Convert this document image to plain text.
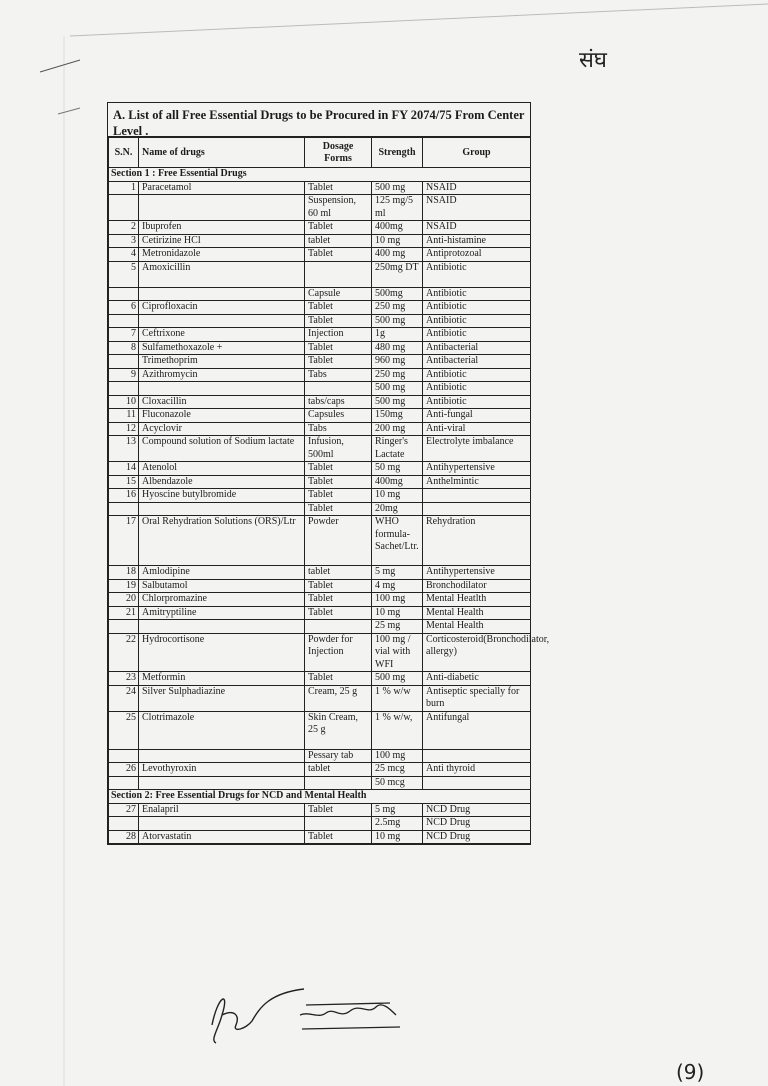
संघ
A. List of all Free Essential Drugs to be Procured in FY 2074/75 From Center Level .
S.N.	Name of drugs	Dosage Forms	Strength	Group
Section 1 : Free Essential Drugs				
1	Paracetamol	Tablet	500 mg	NSAID
		Suspension, 60 ml	125 mg/5 ml	NSAID
2	Ibuprofen	Tablet	400mg	NSAID
3	Cetirizine HCl	tablet	10 mg	Anti-histamine
4	Metronidazole	Tablet	400 mg	Antiprotozoal
5	Amoxicillin		250mg DT	Antibiotic
		Capsule	500mg	Antibiotic
6	Ciprofloxacin	Tablet	250 mg	Antibiotic
		Tablet	500 mg	Antibiotic
7	Ceftrixone	Injection	1g	Antibiotic
8	Sulfamethoxazole +	Tablet	480 mg	Antibacterial
	Trimethoprim	Tablet	960 mg	Antibacterial
9	Azithromycin	Tabs	250 mg	Antibiotic
			500 mg	Antibiotic
10	Cloxacillin	tabs/caps	500 mg	Antibiotic
11	Fluconazole	Capsules	150mg	Anti-fungal
12	Acyclovir	Tabs	200 mg	Anti-viral
13	Compound solution of Sodium lactate	Infusion, 500ml	Ringer's Lactate	Electrolyte imbalance
14	Atenolol	Tablet	50 mg	Antihypertensive
15	Albendazole	Tablet	400mg	Anthelmintic
16	Hyoscine butylbromide	Tablet	10 mg	
		Tablet	20mg	
17	Oral Rehydration Solutions (ORS)/Ltr	Powder	WHO formula-Sachet/Ltr.	Rehydration
18	Amlodipine	tablet	5 mg	Antihypertensive
19	Salbutamol	Tablet	4 mg	Bronchodilator
20	Chlorpromazine	Tablet	100 mg	Mental Heatlth
21	Amitryptiline	Tablet	10 mg	Mental Health
			25 mg	Mental Health
22	Hydrocortisone	Powder for Injection	100 mg / vial with WFI	Corticosteroid(Bronchodilator, allergy)
23	Metformin	Tablet	500 mg	Anti-diabetic
24	Silver Sulphadiazine	Cream, 25 g	1 % w/w	Antiseptic specially for burn
25	Clotrimazole	Skin Cream, 25 g	1 % w/w,	Antifungal
		Pessary tab	100 mg	
26	Levothyroxin	tablet	25 mcg	Anti thyroid
			50 mcg	
Section 2: Free Essential Drugs for NCD and Mental Health				
27	Enalapril	Tablet	5 mg	NCD Drug
			2.5mg	NCD Drug
28	Atorvastatin	Tablet	10 mg	NCD Drug
(9)
